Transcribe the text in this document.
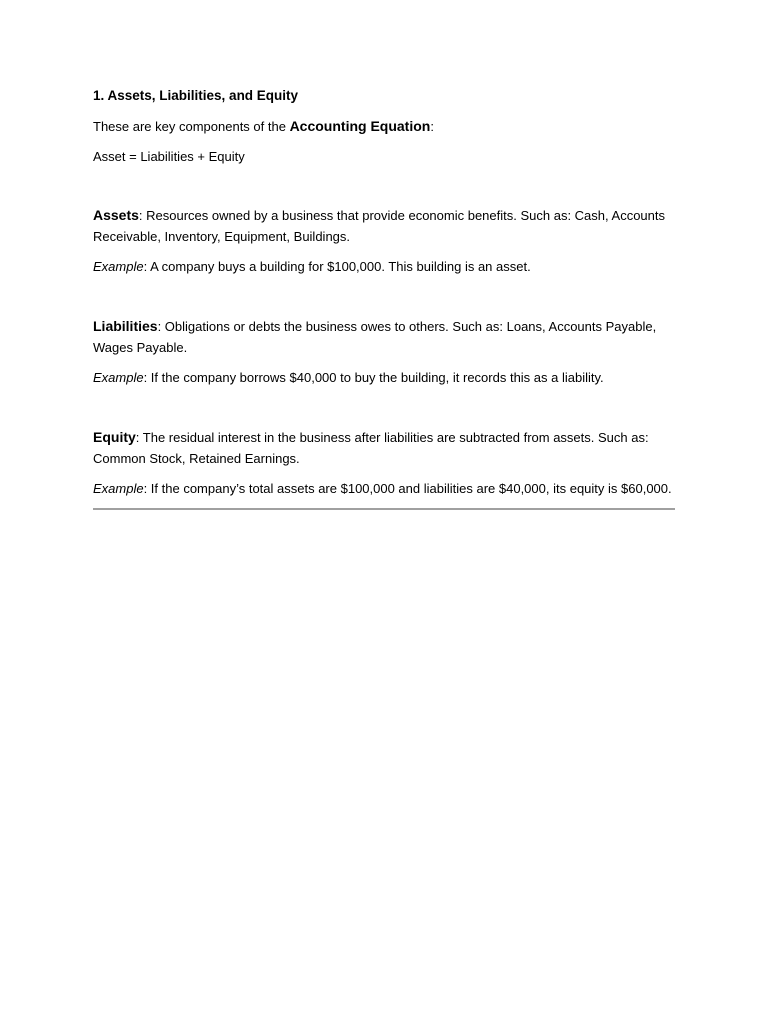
1. Assets, Liabilities, and Equity

These are key components of the Accounting Equation:

Asset = Liabilities + Equity

Assets: Resources owned by a business that provide economic benefits. Such as: Cash, Accounts Receivable, Inventory, Equipment, Buildings.

Example: A company buys a building for $100,000. This building is an asset.

Liabilities: Obligations or debts the business owes to others. Such as: Loans, Accounts Payable, Wages Payable.

Example: If the company borrows $40,000 to buy the building, it records this as a liability.

Equity: The residual interest in the business after liabilities are subtracted from assets. Such as: Common Stock, Retained Earnings.

Example: If the company’s total assets are $100,000 and liabilities are $40,000, its equity is $60,000.
